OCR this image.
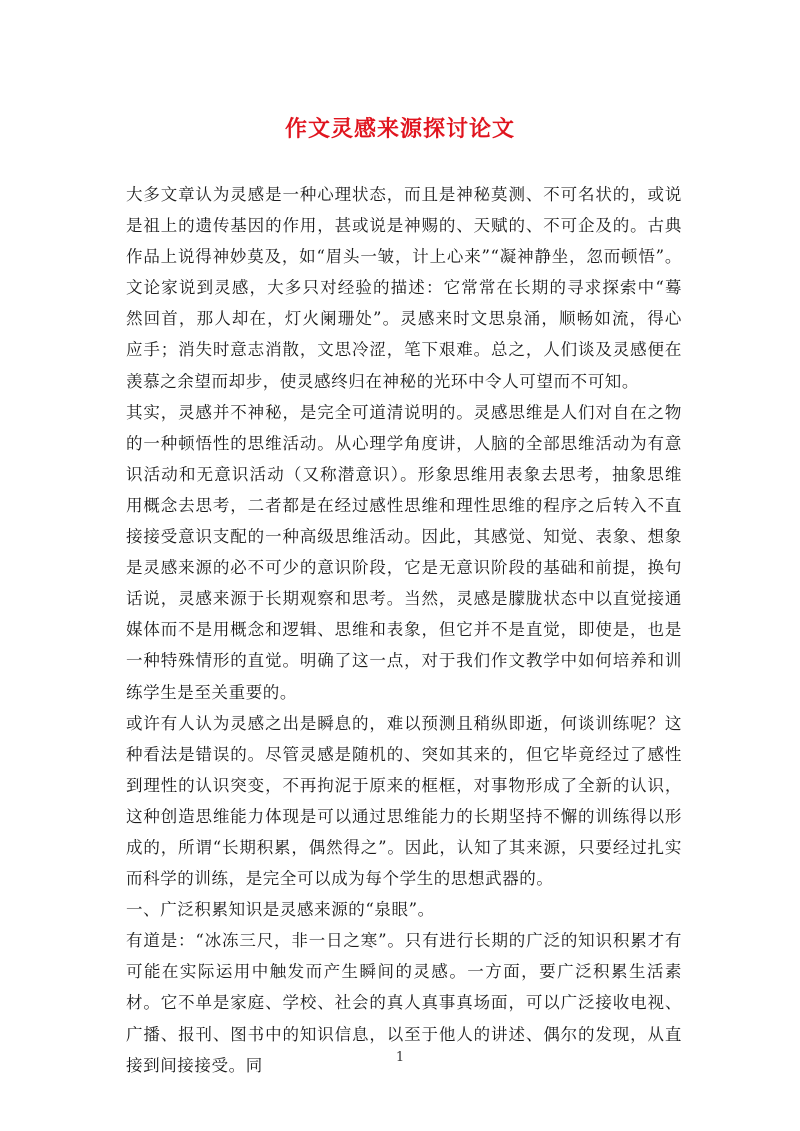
作文灵感来源探讨论文

大多文章认为灵感是一种心理状态，而且是神秘莫测、不可名状的，或说是祖上的遗传基因的作用，甚或说是神赐的、天赋的、不可企及的。古典作品上说得神妙莫及，如“眉头一皱，计上心来”“凝神静坐，忽而顿悟”。文论家说到灵感，大多只对经验的描述：它常常在长期的寻求探索中“蓦然回首，那人却在，灯火阑珊处”。灵感来时文思泉涌，顺畅如流，得心应手；消失时意志消散，文思冷涩，笔下艰难。总之，人们谈及灵感便在羡慕之余望而却步，使灵感终归在神秘的光环中令人可望而不可知。

其实，灵感并不神秘，是完全可道清说明的。灵感思维是人们对自在之物的一种顿悟性的思维活动。从心理学角度讲，人脑的全部思维活动为有意识活动和无意识活动（又称潜意识）。形象思维用表象去思考，抽象思维用概念去思考，二者都是在经过感性思维和理性思维的程序之后转入不直接接受意识支配的一种高级思维活动。因此，其感觉、知觉、表象、想象是灵感来源的必不可少的意识阶段，它是无意识阶段的基础和前提，换句话说，灵感来源于长期观察和思考。当然，灵感是朦胧状态中以直觉接通媒体而不是用概念和逻辑、思维和表象，但它并不是直觉，即使是，也是一种特殊情形的直觉。明确了这一点，对于我们作文教学中如何培养和训练学生是至关重要的。

或许有人认为灵感之出是瞬息的，难以预测且稍纵即逝，何谈训练呢？这种看法是错误的。尽管灵感是随机的、突如其来的，但它毕竟经过了感性到理性的认识突变，不再拘泥于原来的框框，对事物形成了全新的认识，这种创造思维能力体现是可以通过思维能力的长期坚持不懈的训练得以形成的，所谓“长期积累，偶然得之”。因此，认知了其来源，只要经过扎实而科学的训练，是完全可以成为每个学生的思想武器的。

一、广泛积累知识是灵感来源的“泉眼”。

有道是：“冰冻三尺，非一日之寒”。只有进行长期的广泛的知识积累才有可能在实际运用中触发而产生瞬间的灵感。一方面，要广泛积累生活素材。它不单是家庭、学校、社会的真人真事真场面，可以广泛接收电视、广播、报刊、图书中的知识信息，以至于他人的讲述、偶尔的发现，从直接到间接接受。同	1
